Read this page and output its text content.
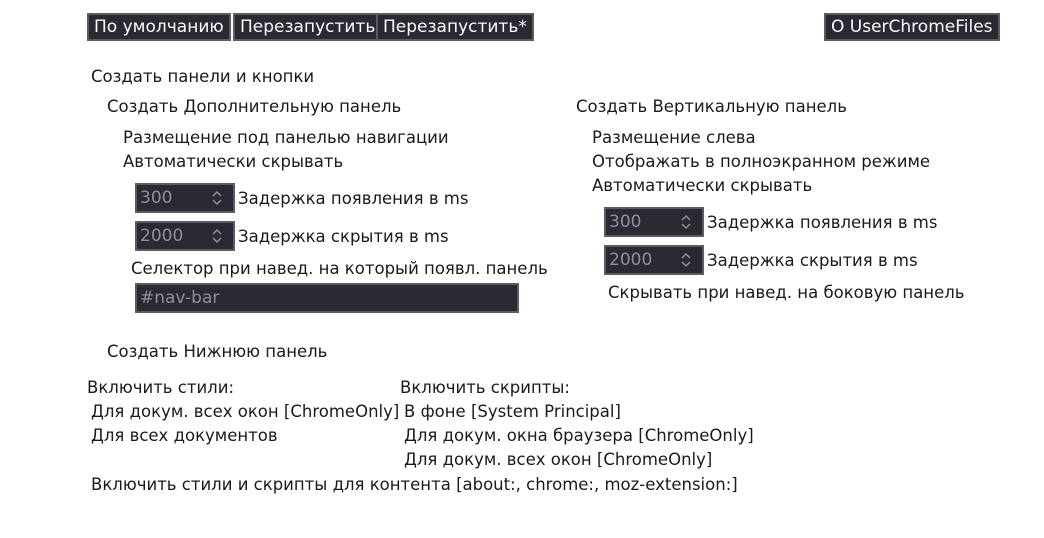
По умолчанию Перезапустить Перезапустить*	О UserChromeFiles
Создать панели и кнопки
Создать Дополнительную панель
Размещение под панелью навигации
Автоматически скрывать
300	Задержка появления в ms
2000	Задержка скрытия в ms
Селектор при навед. на который появл. панель
#nav-bar
Создать Вертикальную панель
Размещение слева
Отображать в полноэкранном режиме
Автоматически скрывать
300	Задержка появления в ms
2000	Задержка скрытия в ms
Скрывать при навед. на боковую панель
Создать Нижнюю панель
Включить стили:
Для докум. всех окон [ChromeOnly]
Для всех документов
Включить скрипты:
В фоне [System Principal]
Для докум. окна браузера [ChromeOnly]
Для докум. всех окон [ChromeOnly]
Включить стили и скрипты для контента [about:, chrome:, moz-extension:]
